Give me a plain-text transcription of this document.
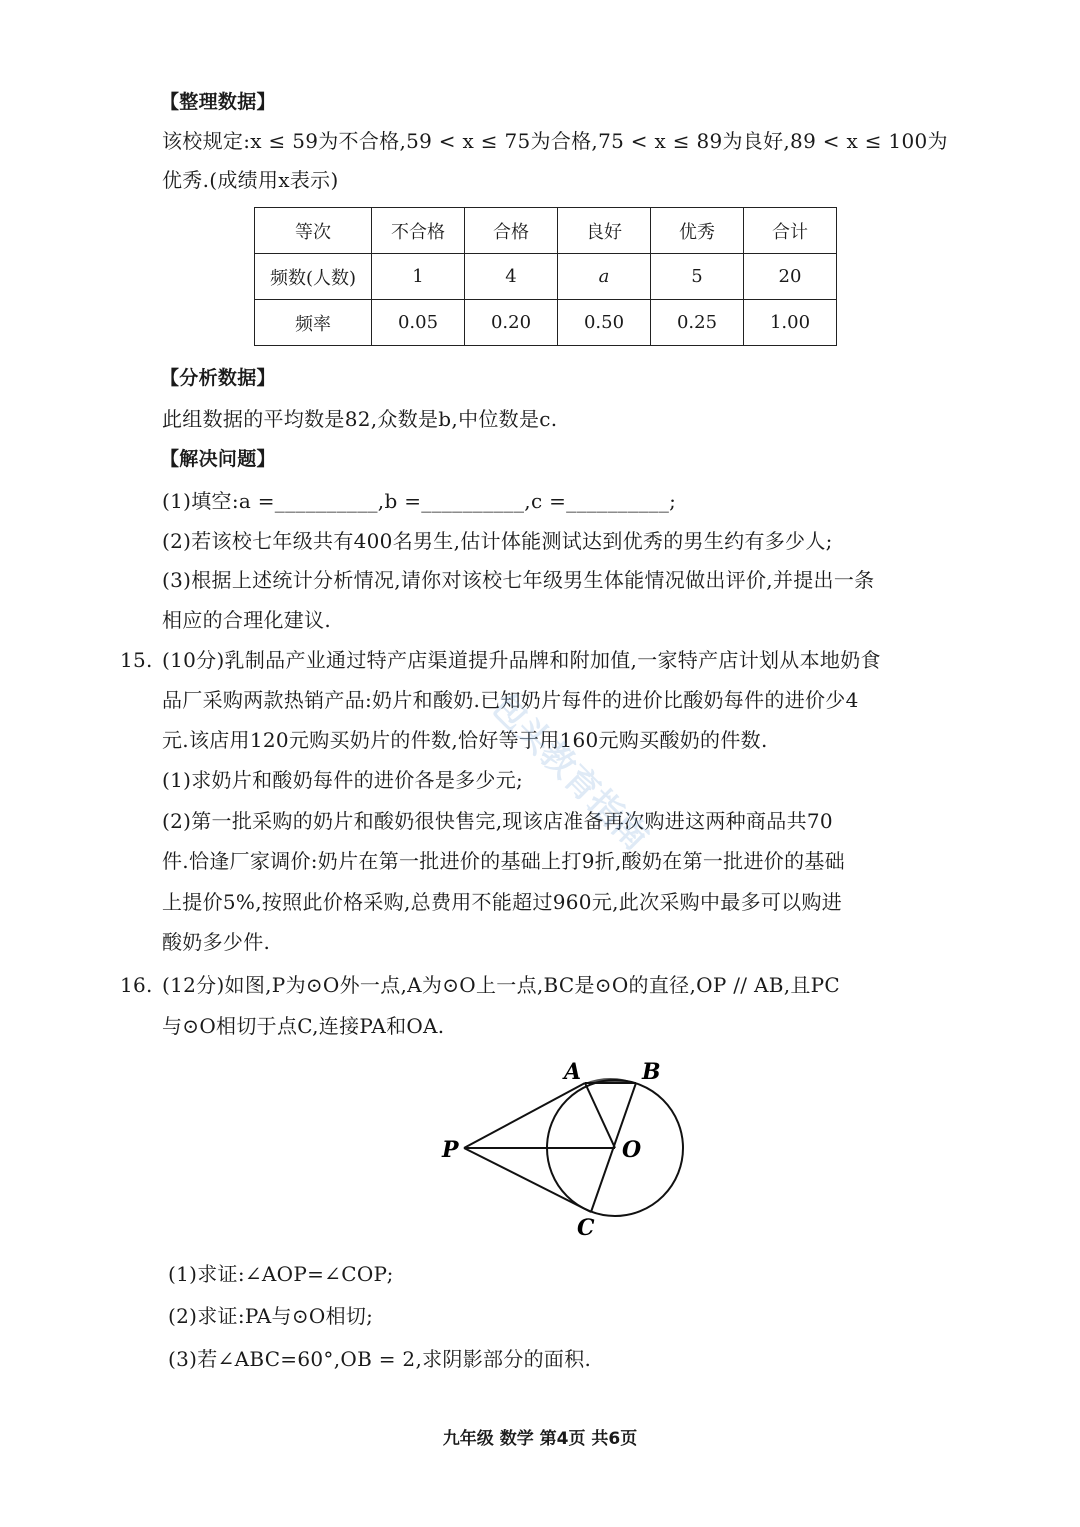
【整理数据】
该校规定:x ≤ 59为不合格,59 < x ≤ 75为合格,75 < x ≤ 89为良好,89 < x ≤ 100为
优秀.(成绩用x表示)
等次	不合格	合格	良好	优秀	合计
频数(人数)	1	4	a	5	20
频率	0.05	0.20	0.50	0.25	1.00
【分析数据】
此组数据的平均数是82,众数是b,中位数是c.
【解决问题】
(1)填空:a =__________,b =__________,c =__________;
(2)若该校七年级共有400名男生,估计体能测试达到优秀的男生约有多少人;
(3)根据上述统计分析情况,请你对该校七年级男生体能情况做出评价,并提出一条
相应的合理化建议.
15. (10分)乳制品产业通过特产店渠道提升品牌和附加值,一家特产店计划从本地奶食
品厂采购两款热销产品:奶片和酸奶.已知奶片每件的进价比酸奶每件的进价少4
元.该店用120元购买奶片的件数,恰好等于用160元购买酸奶的件数.
(1)求奶片和酸奶每件的进价各是多少元;
(2)第一批采购的奶片和酸奶很快售完,现该店准备再次购进这两种商品共70
件.恰逢厂家调价:奶片在第一批进价的基础上打9折,酸奶在第一批进价的基础
上提价5%,按照此价格采购,总费用不能超过960元,此次采购中最多可以购进
酸奶多少件.
16. (12分)如图,P为⊙O外一点,A为⊙O上一点,BC是⊙O的直径,OP // AB,且PC
与⊙O相切于点C,连接PA和OA.
A	B
P	O
C
(1)求证:∠AOP=∠COP;
(2)求证:PA与⊙O相切;
(3)若∠ABC=60°,OB = 2,求阴影部分的面积.
包头教育指南
九年级 数学 第4页 共6页
